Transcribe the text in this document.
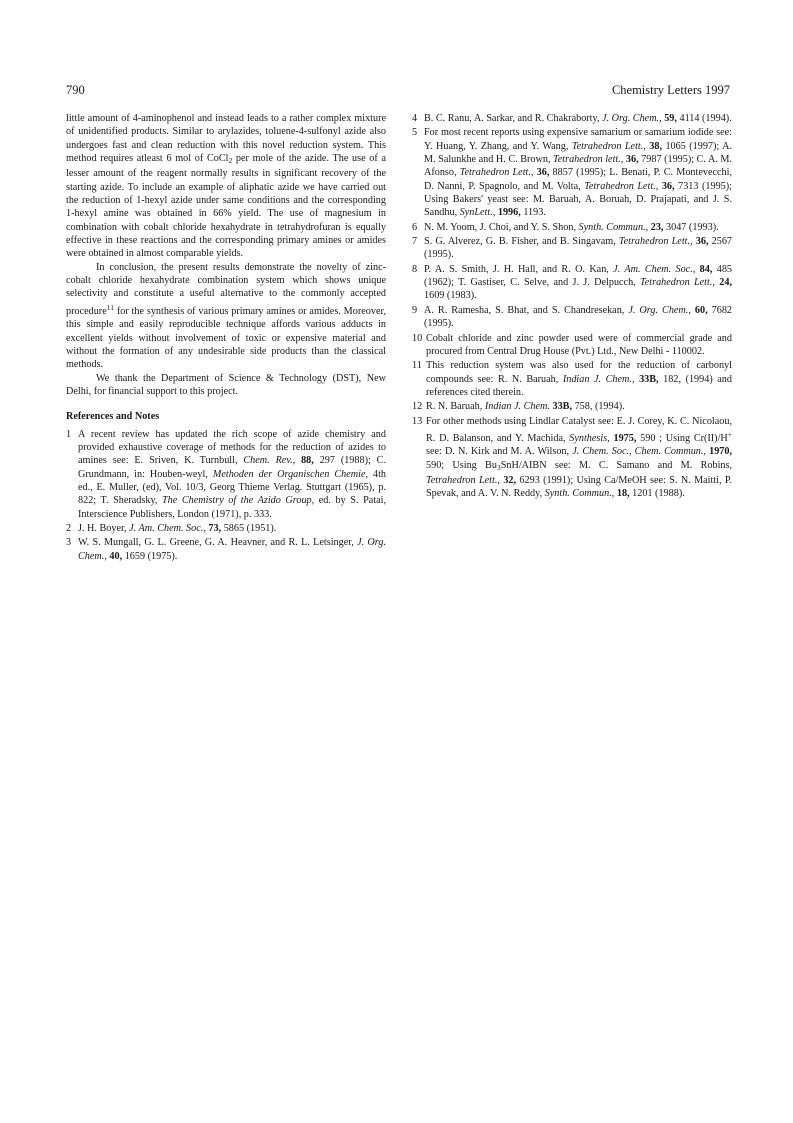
790	Chemistry Letters 1997

little amount of 4-aminophenol and instead leads to a rather complex mixture of unidentified products. Similar to arylazides, toluene-4-sulfonyl azide also undergoes fast and clean reduction with this novel reduction system. This method requires atleast 6 mol of CoCl2 per mole of the azide. The use of a lesser amount of the reagent normally results in significant recovery of the starting azide. To include an example of aliphatic azide we have carried out the reduction of 1-hexyl azide under same conditions and the corresponding 1-hexyl amine was obtained in 66% yield. The use of magnesium in combination with cobalt chloride hexahydrate in tetrahydrofuran is equally effective in these reactions and the corresponding primary amines or amides were obtained in almost comparable yields.

In conclusion, the present results demonstrate the novelty of zinc-cobalt chloride hexahydrate combination system which shows unique selectivity and constitute a useful alternative to the commonly accepted procedure$^{11}$ for the synthesis of various primary amines or amides. Moreover, this simple and easily reproducible technique affords various adducts in excellent yields without involvement of toxic or expensive material and without the formation of any undesirable side products than the classical methods.

We thank the Department of Science & Technology (DST), New Delhi, for financial support to this project.

References and Notes
1 A recent review has updated the rich scope of azide chemistry and provided exhaustive coverage of methods for the reduction of azides to amines see: E. Sriven, K. Turnbull, Chem. Rev., 88, 297 (1988); C. Grundmann, in: Houben-weyl, Methoden der Organischen Chemie, 4th ed., E. Muller, (ed), Vol. 10/3, Georg Thieme Verlag. Stuttgart (1965), p. 822; T. Sheradsky, The Chemistry of the Azido Group, ed. by S. Patai, Interscience Publishers, London (1971), p. 333.
2 J. H. Boyer, J. Am. Chem. Soc., 73, 5865 (1951).
3 W. S. Mungall, G. L. Greene, G. A. Heavner, and R. L. Letsinger, J. Org. Chem., 40, 1659 (1975).
4 B. C. Ranu, A. Sarkar, and R. Chakraborty, J. Org. Chem., 59, 4114 (1994).
5 For most recent reports using expensive samarium or samarium iodide see: Y. Huang, Y. Zhang, and Y. Wang, Tetrahedron Lett., 38, 1065 (1997); A. M. Salunkhe and H. C. Brown, Tetrahedron lett., 36, 7987 (1995); C. A. M. Afonso, Tetrahedron Lett., 36, 8857 (1995); L. Benati, P. C. Montevecchi, D. Nanni, P. Spagnolo, and M. Volta, Tetrahedron Lett., 36, 7313 (1995); Using Bakers' yeast see: M. Baruah, A. Boruah, D. Prajapati, and J. S. Sandhu, SynLett., 1996, 1193.
6 N. M. Yoom, J. Choi, and Y. S. Shon, Synth. Commun., 23, 3047 (1993).
7 S. G. Alverez, G. B. Fisher, and B. Singavam, Tetrahedron Lett., 36, 2567 (1995).
8 P. A. S. Smith, J. H. Hall, and R. O. Kan, J. Am. Chem. Soc., 84, 485 (1962); T. Gastiser, C. Selve, and J. J. Delpucch, Tetrahedron Lett., 24, 1609 (1983).
9 A. R. Ramesha, S. Bhat, and S. Chandresekan, J. Org. Chem., 60, 7682 (1995).
10 Cobalt chloride and zinc powder used were of commercial grade and procured from Central Drug House (Pvt.) Ltd., New Delhi - 110002.
11 This reduction system was also used for the reduction of carbonyl compounds see: R. N. Baruah, Indian J. Chem., 33B, 182, (1994) and references cited therein.
12 R. N. Baruah, Indian J. Chem. 33B, 758, (1994).
13 For other methods using Lindlar Catalyst see: E. J. Corey, K. C. Nicolaou, R. D. Balanson, and Y. Machida, Synthesis, 1975, 590 ; Using Cr(II)/H+ see: D. N. Kirk and M. A. Wilson, J. Chem. Soc., Chem. Commun., 1970, 590; Using Bu3SnH/AIBN see: M. C. Samano and M. Robins, Tetrahedron Lett., 32, 6293 (1991); Using Ca/MeOH see: S. N. Maitti, P. Spevak, and A. V. N. Reddy, Synth. Commun., 18, 1201 (1988).
